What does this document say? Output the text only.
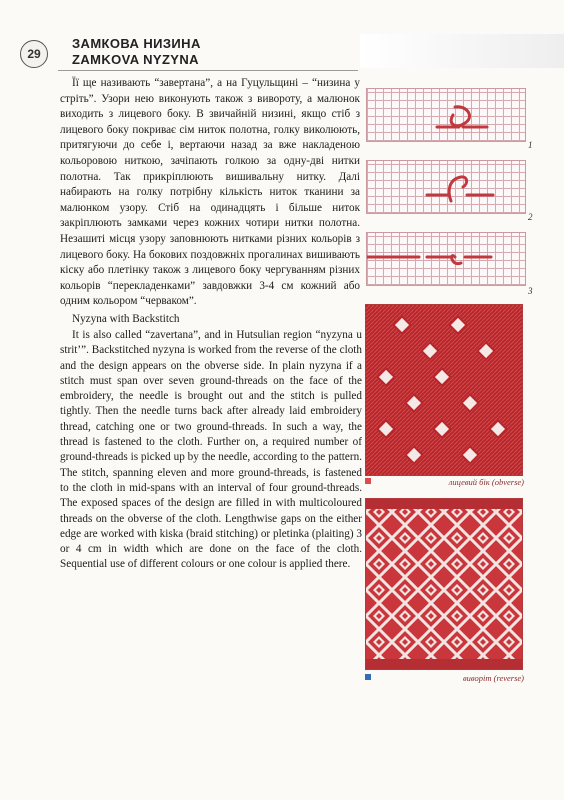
29
ЗАМКОВА НИЗИНА
ZAMKOVA NYZYNA

Її ще називають “завертана”, а на Гуцульщині – “низина у стріть”. Узори нею виконують також з вивороту, а малюнок виходить з лицевого боку. В звичайній низині, якщо стіб з лицевого боку покриває сім ниток полотна, голку виколюють, притягуючи до себе і, вертаючи назад за вже накладеною кольоровою ниткою, зачіпають голкою за одну-дві нитки полотна. Так прикріплюють вишивальну нитку. Далі набирають на голку потрібну кількість ниток тканини за малюнком узору. Стіб на одинадцять і більше ниток закріплюють замками через кожних чотири нитки полотна. Незашиті місця узору заповнюють нитками різних кольорів з лицевого боку. На бокових поздовжніх прогалинах вишивають кіску або плетінку також з лицевого боку чергуванням різних кольорів “перекладенками” завдовжки 3-4 см кожний або одним кольором “черваком”.

Nyzyna with Backstitch

It is also called “zavertana”, and in Hutsulian region “nyzyna u strit’”. Backstitched nyzyna is worked from the reverse of the cloth and the design appears on the obverse side. In plain nyzyna if a stitch must span over seven ground-threads on the face of the embroidery, the needle is brought out and the stitch is pulled tightly. Then the needle turns back after already laid embroidery thread, catching one or two ground-threads. In such a way, the thread is fastened to the cloth. Further on, a required number of ground-threads is picked up by the needle, according to the pattern. The stitch, spanning eleven and more ground-threads, is fastened to the cloth in mid-spans with an interval of four ground-threads. The exposed spaces of the design are filled in with multicoloured threads on the obverse of the cloth. Lengthwise gaps on the either edge are worked with kiska (braid stitching) or pletinka (plaiting) 3 or 4 cm in width which are done on the face of the cloth. Sequential use of different colours or one colour is applied there.

1
2
3
лицевий бік (obverse)
виворіт (reverse)
